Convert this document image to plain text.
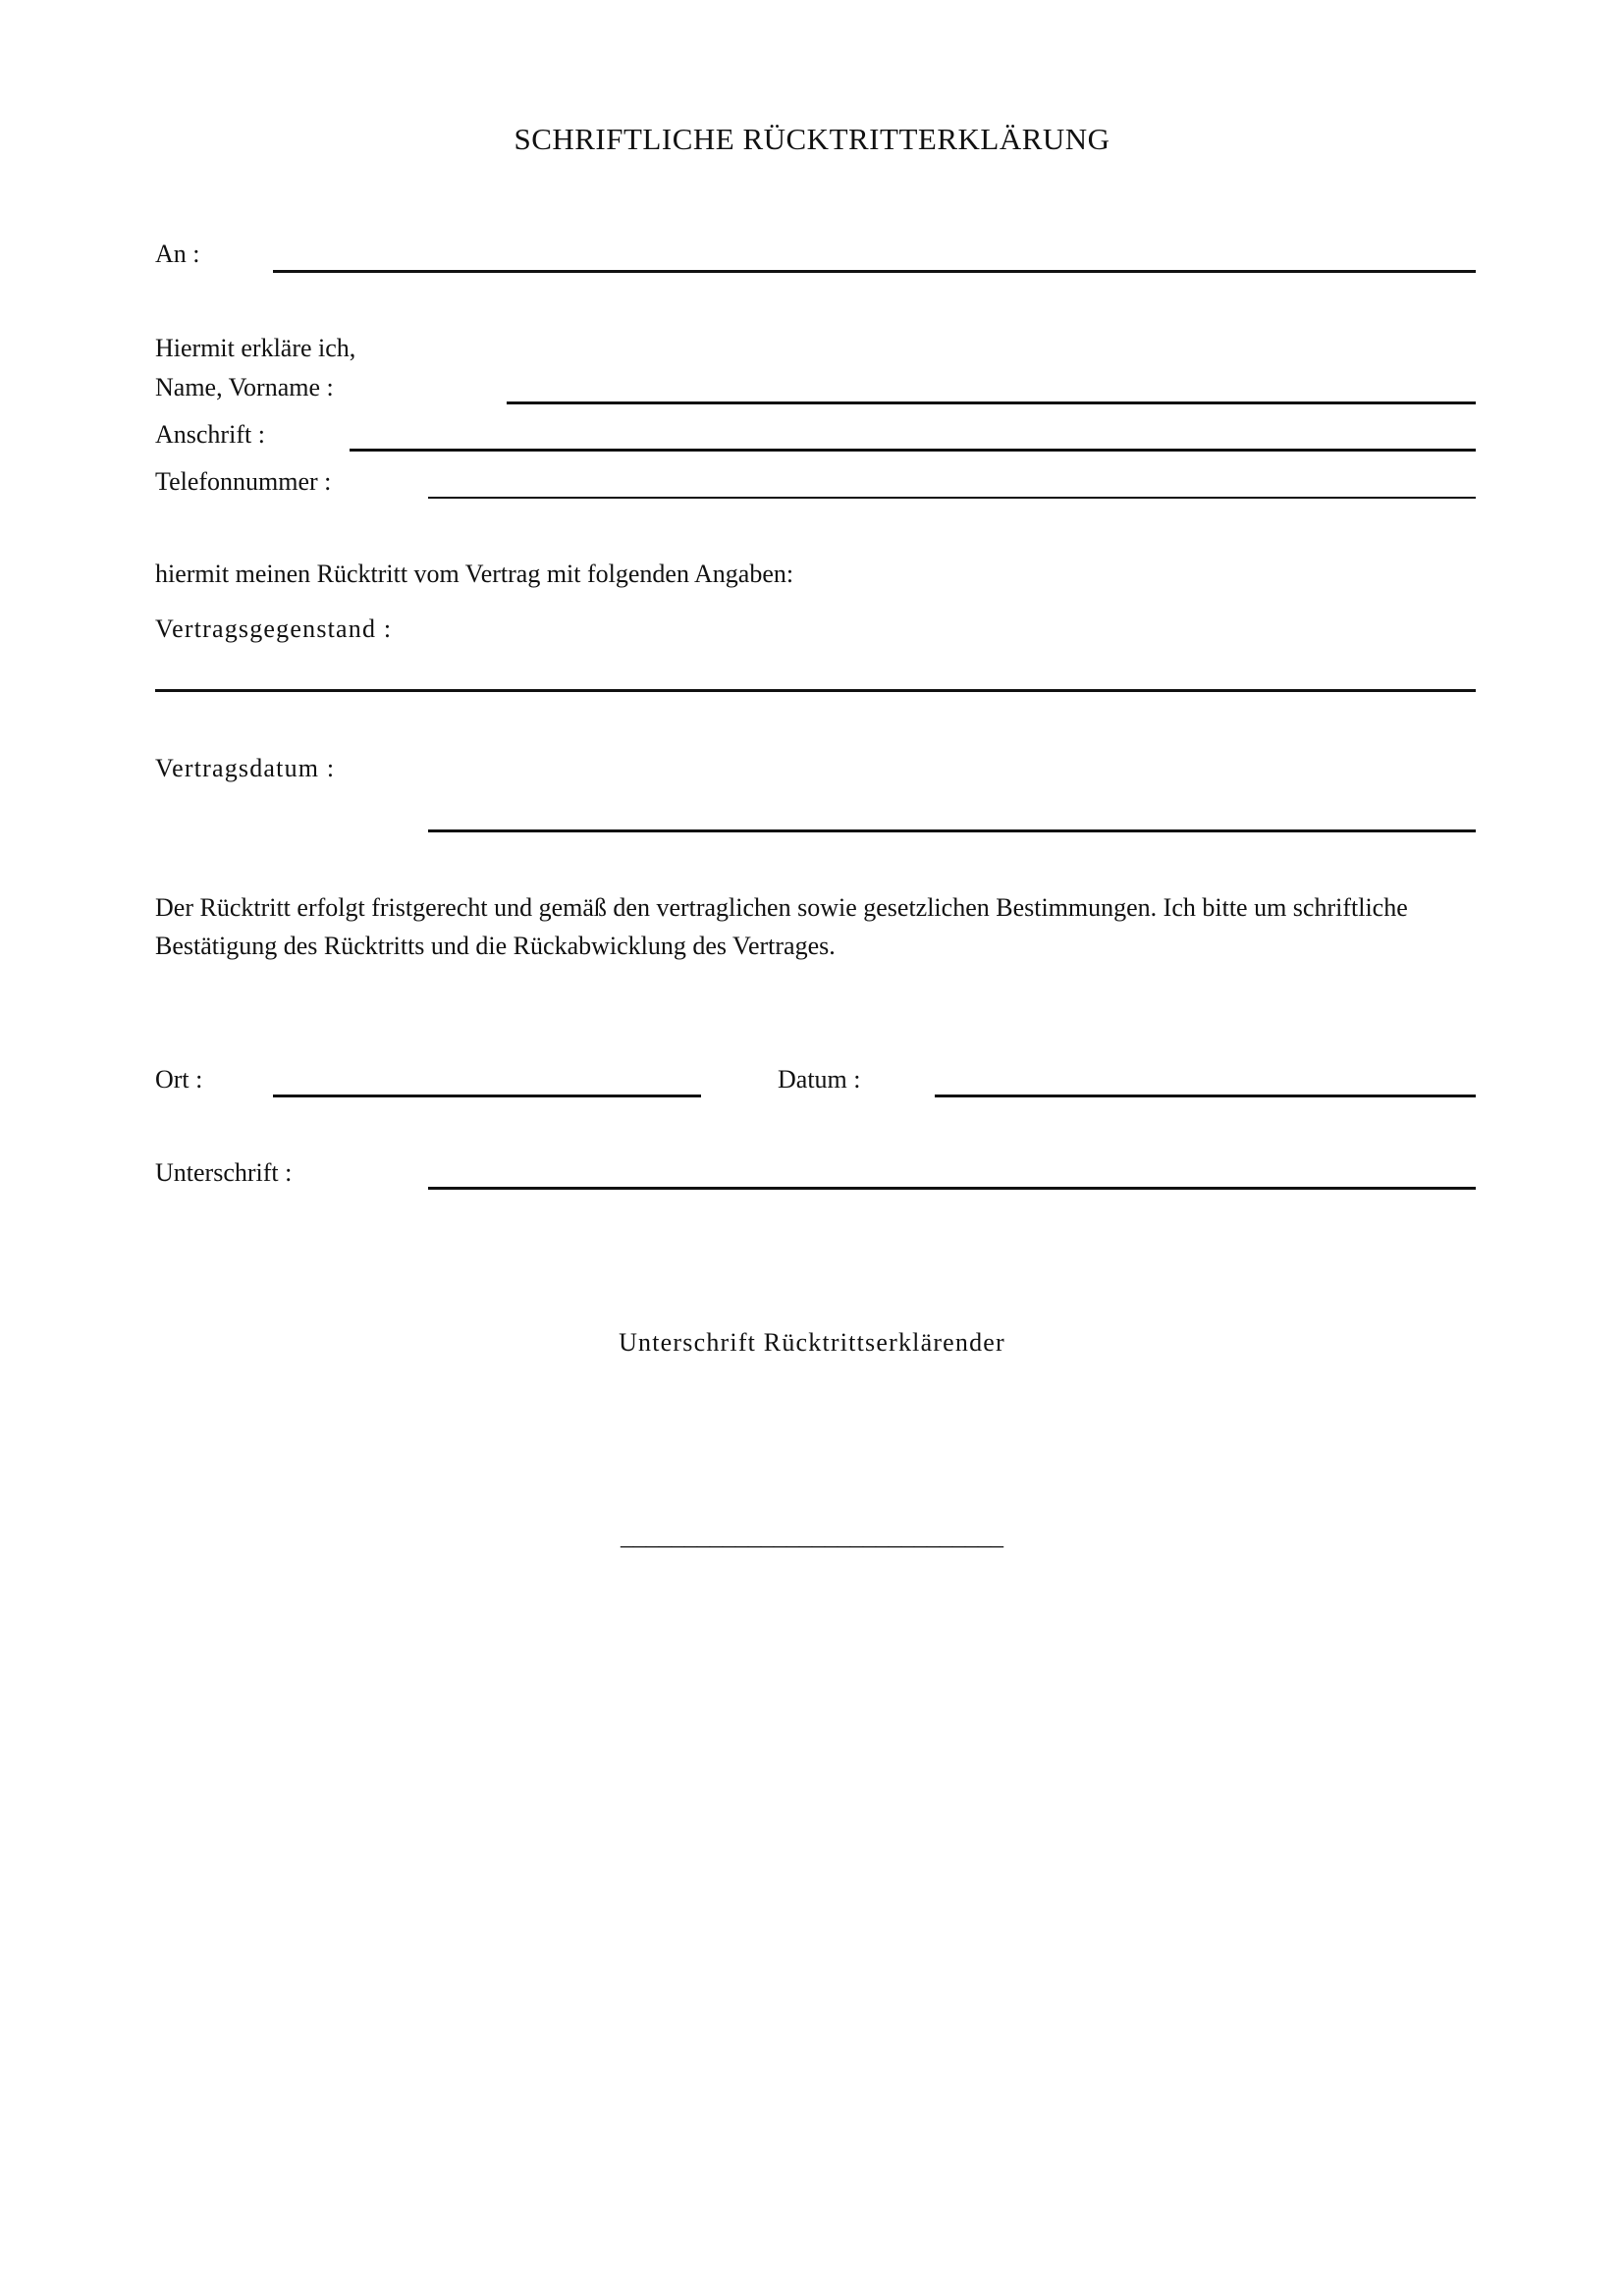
SCHRIFTLICHE RÜCKTRITTERKLÄRUNG
An :
Hiermit erkläre ich,
Name, Vorname :
Anschrift :
Telefonnummer :
hiermit meinen Rücktritt vom Vertrag mit folgenden Angaben:
Vertragsgegenstand :
Vertragsdatum :
Der Rücktritt erfolgt fristgerecht und gemäß den vertraglichen sowie gesetzlichen Bestimmungen. Ich bitte um schriftliche Bestätigung des Rücktritts und die Rückabwicklung des Vertrages.
Ort :	Datum :
Unterschrift :
Unterschrift Rücktrittserklärender
______________________________
